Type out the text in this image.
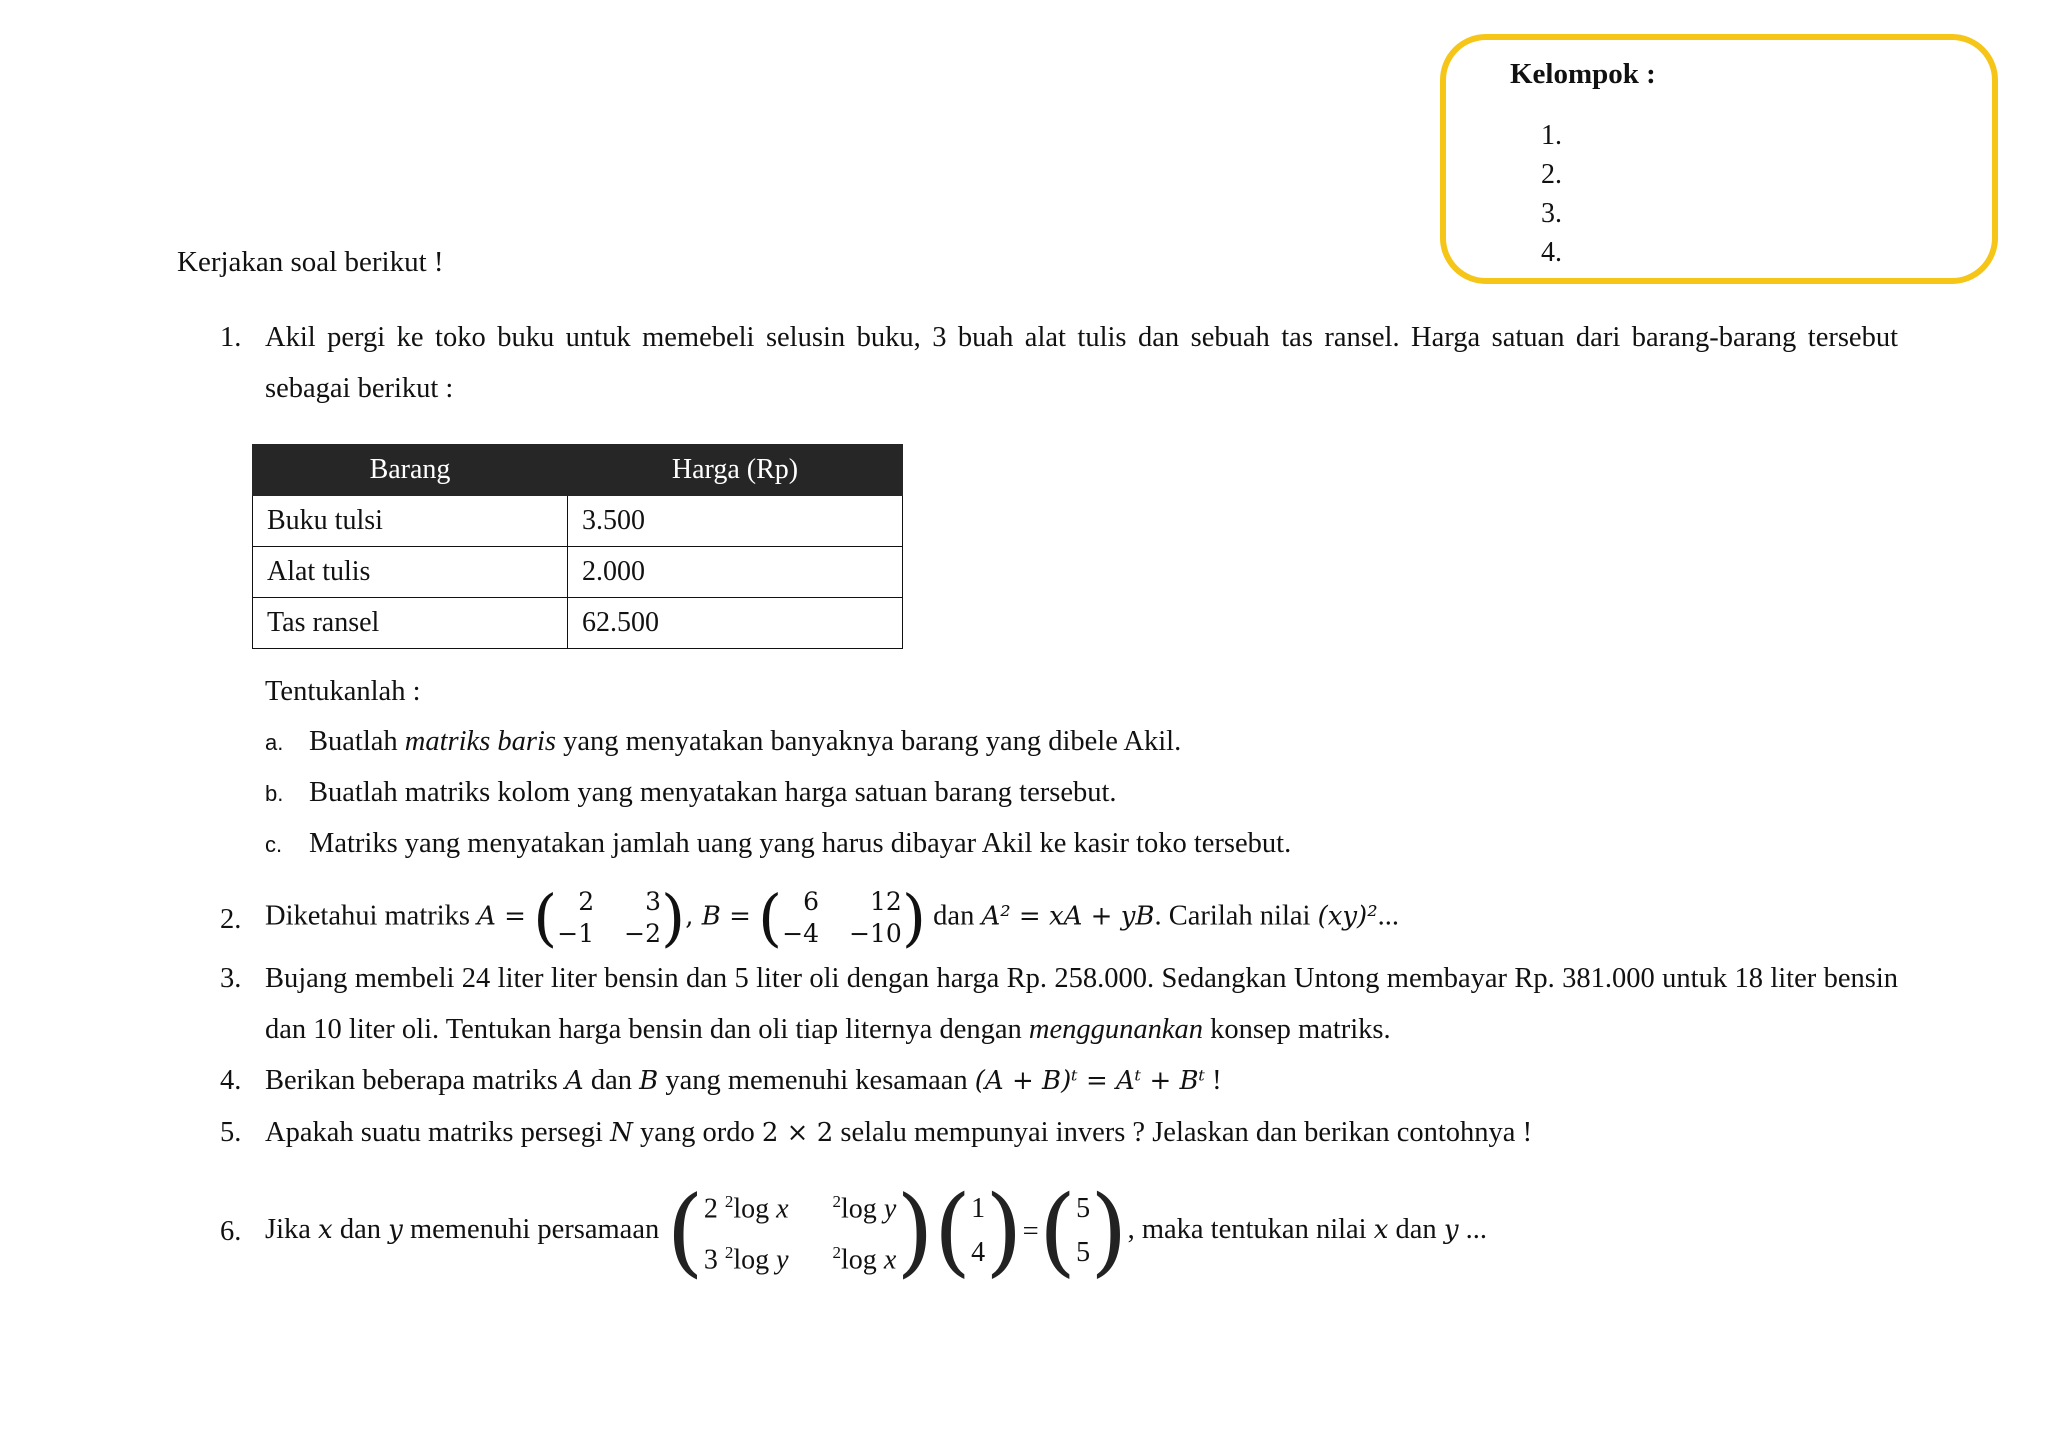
Kelompok :
1.
2.
3.
4.
Kerjakan soal berikut !
1. Akil pergi ke toko buku untuk memebeli selusin buku, 3 buah alat tulis dan sebuah tas ransel. Harga satuan dari barang-barang tersebut sebagai berikut :
Barang	Harga (Rp)
Buku tulsi	3.500
Alat tulis	2.000
Tas ransel	62.500
Tentukanlah :
a. Buatlah matriks baris yang menyatakan banyaknya barang yang dibele Akil.
b. Buatlah matriks kolom yang menyatakan harga satuan barang tersebut.
c. Matriks yang menyatakan jamlah uang yang harus dibayar Akil ke kasir toko tersebut.
2. Diketahui matriks A = ( 2	3
−1 −2 ), B = ( 6	12
−4 −10 ) dan A² = xA + yB. Carilah nilai (xy)²...
3. Bujang membeli 24 liter liter bensin dan 5 liter oli dengan harga Rp. 258.000. Sedangkan Untong membayar Rp. 381.000 untuk 18 liter bensin dan 10 liter oli. Tentukan harga bensin dan oli tiap liternya dengan menggunankan konsep matriks.
4. Berikan beberapa matriks A dan B yang memenuhi kesamaan (A + B)ᵗ = Aᵗ + Bᵗ !
5. Apakah suatu matriks persegi N yang ordo 2 × 2 selalu mempunyai invers ? Jelaskan dan berikan contohnya !
6. Jika x dan y memenuhi persamaan ( 2 $^2$log x	$^2$log y
3 $^2$log y	$^2$log x )( 1
4 )=( 5
5 ), maka tentukan nilai x dan y ...
